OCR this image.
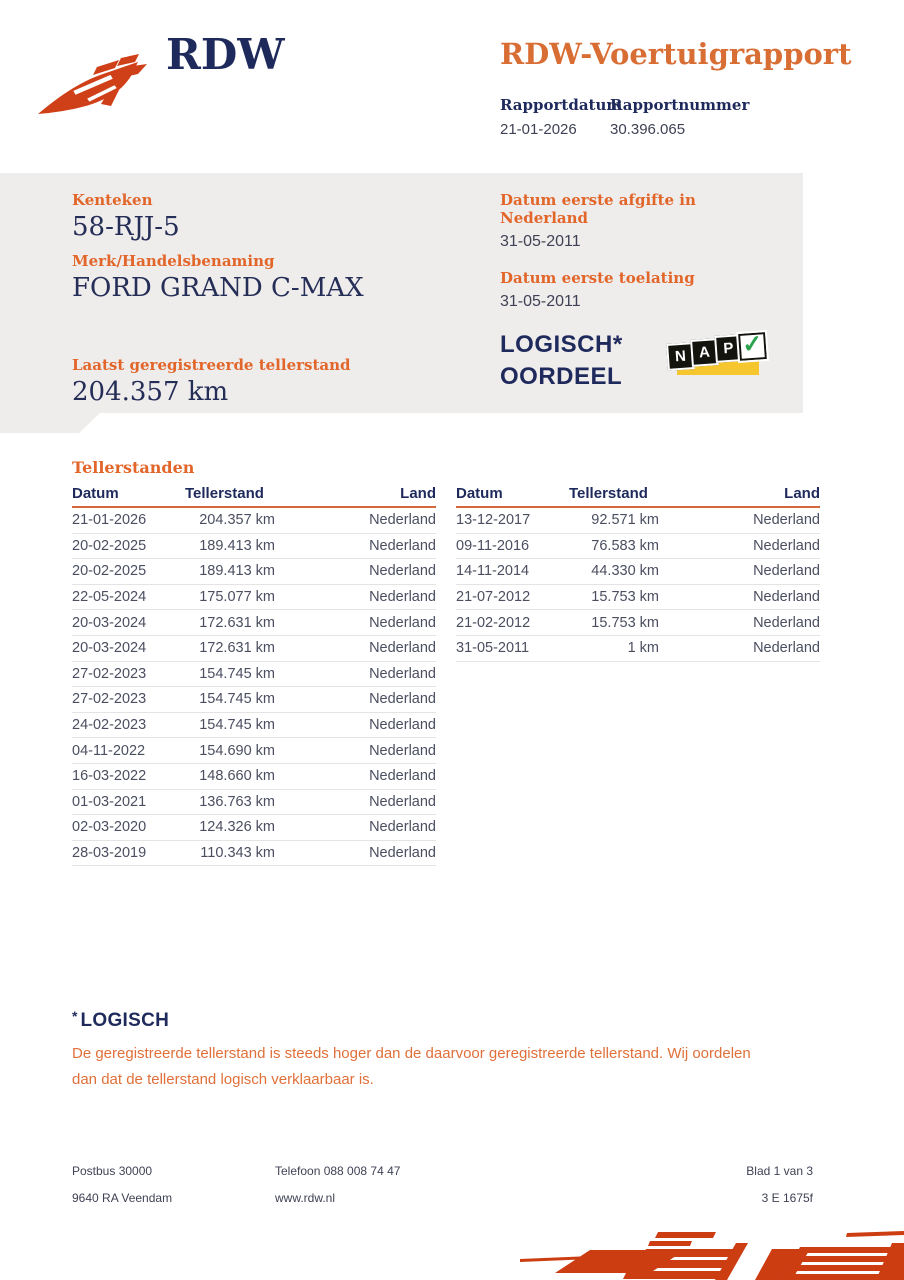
RDW	RDW-Voertuigrapport
Rapportdatum
21-01-2026
Rapportnummer
30.396.065
Kenteken
58-RJJ-5
Merk/Handelsbenaming
FORD GRAND C-MAX
Laatst geregistreerde tellerstand
204.357 km
Datum eerste afgifte in Nederland
31-05-2011
Datum eerste toelating
31-05-2011
LOGISCH*
OORDEEL
N A P ✓
Tellerstanden
Datum	Tellerstand	Land
21-01-2026	204.357 km	Nederland
20-02-2025	189.413 km	Nederland
20-02-2025	189.413 km	Nederland
22-05-2024	175.077 km	Nederland
20-03-2024	172.631 km	Nederland
20-03-2024	172.631 km	Nederland
27-02-2023	154.745 km	Nederland
27-02-2023	154.745 km	Nederland
24-02-2023	154.745 km	Nederland
04-11-2022	154.690 km	Nederland
16-03-2022	148.660 km	Nederland
01-03-2021	136.763 km	Nederland
02-03-2020	124.326 km	Nederland
28-03-2019	110.343 km	Nederland
Datum	Tellerstand	Land
13-12-2017	92.571 km	Nederland
09-11-2016	76.583 km	Nederland
14-11-2014	44.330 km	Nederland
21-07-2012	15.753 km	Nederland
21-02-2012	15.753 km	Nederland
31-05-2011	1 km	Nederland
* LOGISCH
De geregistreerde tellerstand is steeds hoger dan de daarvoor geregistreerde tellerstand. Wij oordelen dan dat de tellerstand logisch verklaarbaar is.
Postbus 30000	Telefoon 088 008 74 47	Blad 1 van 3
9640 RA Veendam	www.rdw.nl	3 E 1675f
